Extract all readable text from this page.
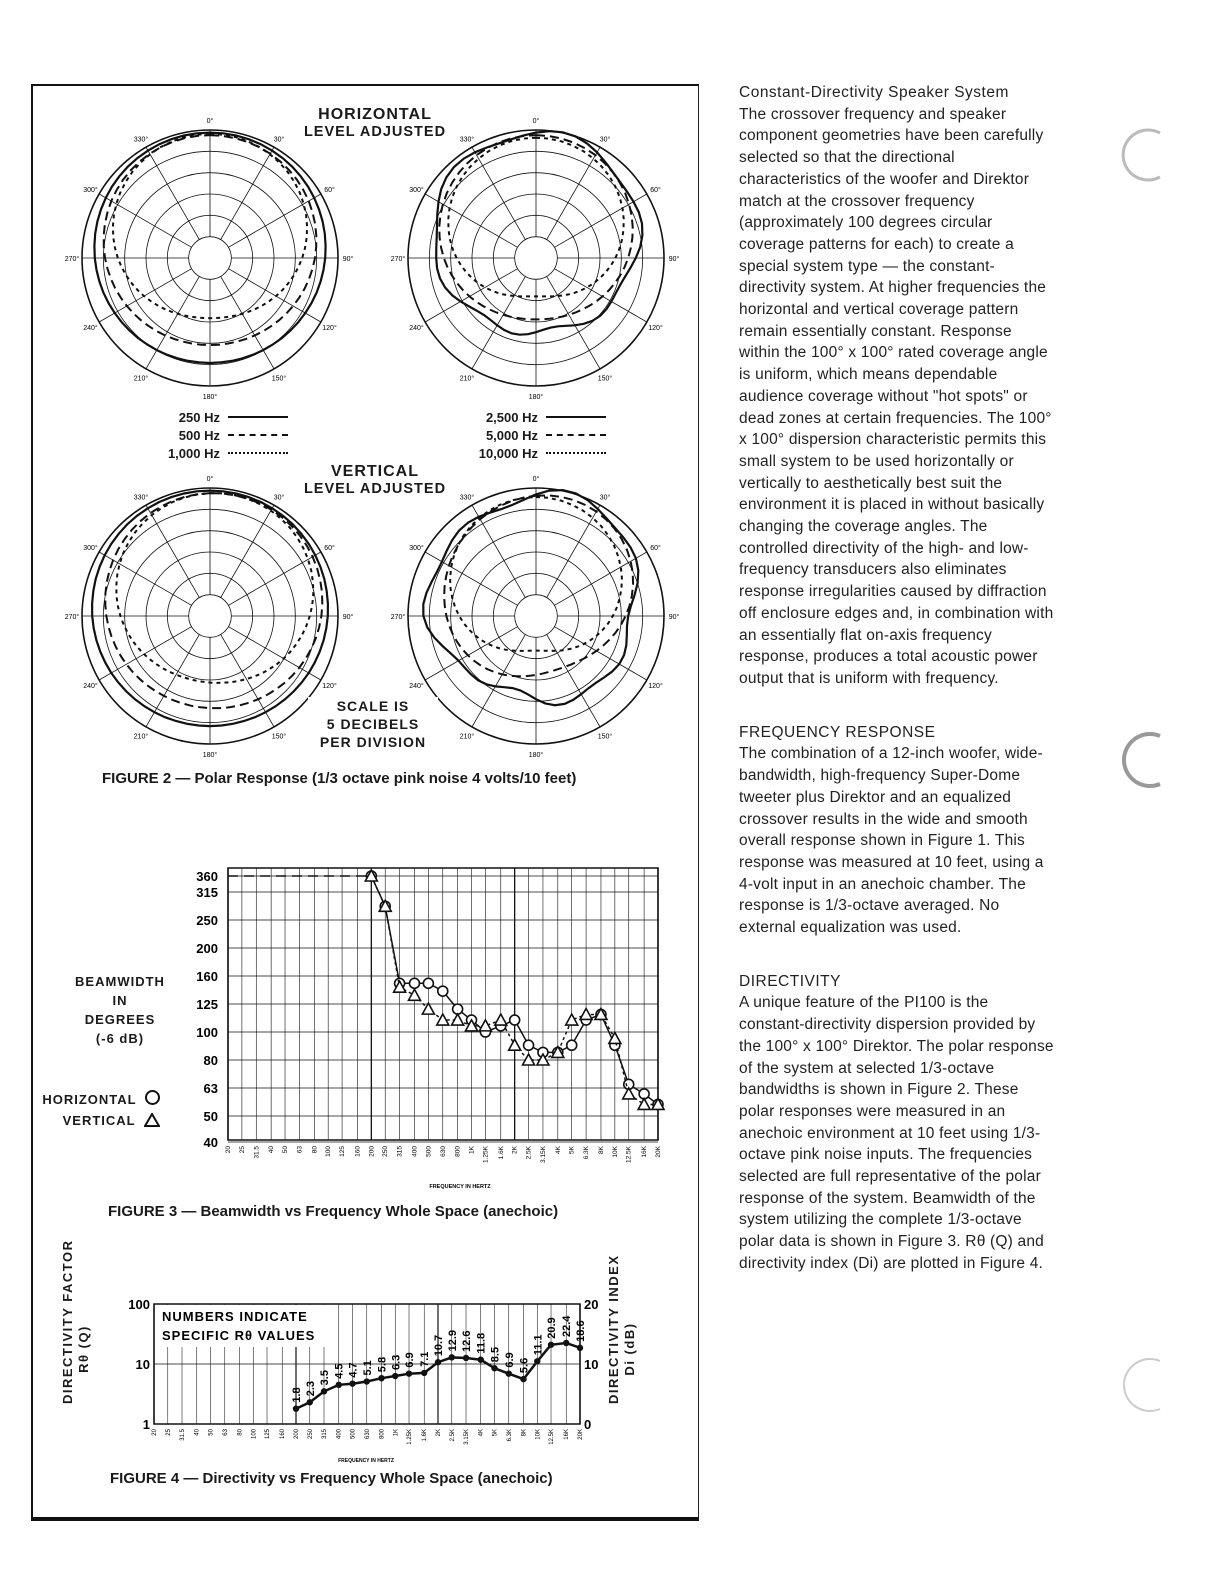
0°
30°
60°
90°
120°
150°
180°
210°
240°
270°
300°
330°
0°
30°
60°
90°
120°
150°
180°
210°
240°
270°
300°
330°
0°
30°
60°
90°
120°
150°
180°
210°
240°
270°
300°
330°
0°
30°
60°
90°
120°
150°
180°
210°
240°
270°
300°
330°
HORIZONTAL
LEVEL ADJUSTED
250 Hz
500 Hz
1,000 Hz
2,500 Hz
5,000 Hz
10,000 Hz
VERTICAL
LEVEL ADJUSTED
SCALE IS
5 DECIBELS
PER DIVISION
FIGURE 2 — Polar Response (1/3 octave pink noise 4 volts/10 feet)
BEAMWIDTH
IN
DEGREES
(-6 dB)
HORIZONTAL
VERTICAL
360
315
250
200
160
125
100
80
63
50
40 20 25 31.5 40 50 63 80 100 125 160 200 250 315 400 500 630 800 1K 1.25K 1.6K 2K 2.5K 3.15K 4K 5K 6.3K 8K 10K 12.5K 16K 20K
FREQUENCY IN HERTZ
FIGURE 3 — Beamwidth vs Frequency Whole Space (anechoic)
DIRECTIVITY FACTOR Rθ (Q)	DIRECTIVITY INDEX Di (dB)
1	0
10	10
100	20
20 25 31.5 40 50 63 80 100 125 160 200 250 315 400 500 630 800 1K 1.25K 1.6K 2K 2.5K 3.15K 4K 5K 6.3K 8K 10K 12.5K 16K 20K
FREQUENCY IN HERTZ
NUMBERS INDICATE
SPECIFIC Rθ VALUES
1.8 2.3
3.5 4.5 4.7 5.1 5.8 6.3 6.9 7.1
10.7 12.9 12.6 11.8
8.5 6.9 5.6
11.1
20.9 22.4 18.6
FIGURE 4 — Directivity vs Frequency Whole Space (anechoic)
Constant-Directivity Speaker System

The crossover frequency and speaker component geometries have been carefully selected so that the directional characteristics of the woofer and Direktor match at the crossover frequency (approximately 100 degrees circular coverage patterns for each) to create a special system type — the constant-directivity system. At higher frequencies the horizontal and vertical coverage pattern remain essentially constant. Response within the 100° x 100° rated coverage angle is uniform, which means dependable audience coverage without "hot spots" or dead zones at certain frequencies. The 100° x 100° dispersion characteristic permits this small system to be used horizontally or vertically to aesthetically best suit the environment it is placed in without basically changing the coverage angles. The controlled directivity of the high- and low-frequency transducers also eliminates response irregularities caused by diffraction off enclosure edges and, in combination with an essentially flat on-axis frequency response, produces a total acoustic power output that is uniform with frequency.

FREQUENCY RESPONSE

The combination of a 12-inch woofer, wide-bandwidth, high-frequency Super-Dome tweeter plus Direktor and an equalized crossover results in the wide and smooth overall response shown in Figure 1. This response was measured at 10 feet, using a 4-volt input in an anechoic chamber. The response is 1/3-octave averaged. No external equalization was used.

DIRECTIVITY

A unique feature of the PI100 is the constant-directivity dispersion provided by the 100° x 100° Direktor. The polar response of the system at selected 1/3-octave bandwidths is shown in Figure 2. These polar responses were measured in an anechoic environment at 10 feet using 1/3-octave pink noise inputs. The frequencies selected are full representative of the polar response of the system. Beamwidth of the system utilizing the complete 1/3-octave polar data is shown in Figure 3. Rθ (Q) and directivity index (Di) are plotted in Figure 4.
